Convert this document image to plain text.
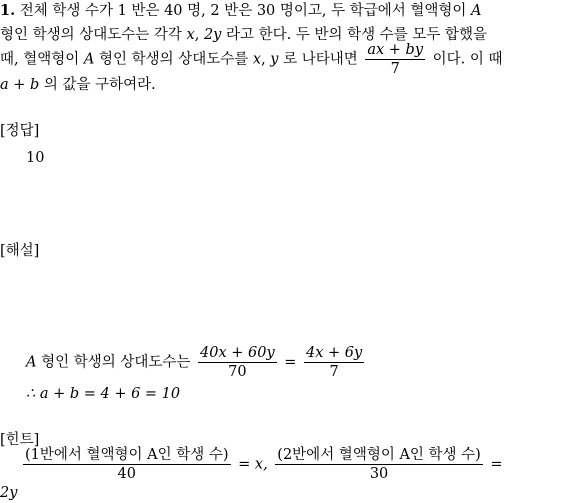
1. 전체 학생 수가 1 반은 40 명, 2 반은 30 명이고, 두 학급에서 혈액형이 A
형인 학생의 상대도수는 각각 x, 2y 라고 한다. 두 반의 학생 수를 모두 합했을
때, 혈액형이 A 형인 학생의 상대도수를 x, y 로 나타내면 $\frac{ax + by}{7}$ 이다. 이 때
a + b 의 값을 구하여라.
[정답]
10
[해설]
A 형인 학생의 상대도수는 $\frac{40x + 60y}{70} = \frac{4x + 6y}{7}$
∴ a + b = 4 + 6 = 10
[힌트]
$\frac{\text{(1반에서 혈액형이 A인 학생 수)}}{40} = x$, $\frac{\text{(2반에서 혈액형이 A인 학생 수)}}{30}$ =
2y
